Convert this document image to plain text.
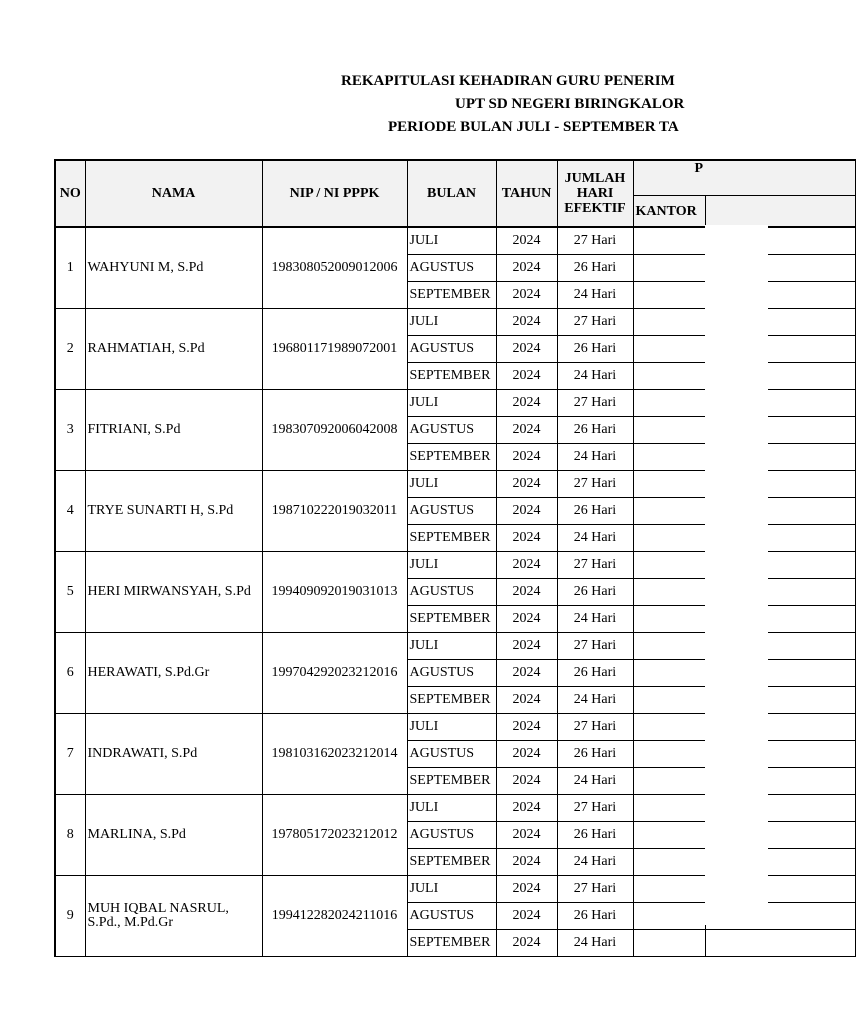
REKAPITULASI KEHADIRAN GURU PENERIM
UPT SD NEGERI BIRINGKALOR
PERIODE BULAN JULI - SEPTEMBER TA
NO	NAMA	NIP / NI PPPK	BULAN	TAHUN	JUMLAH HARI EFEKTIF	P	
						KANTOR	
1	WAHYUNI M, S.Pd	198308052009012006	JULI	2024	27 Hari		
			AGUSTUS	2024	26 Hari		
			SEPTEMBER	2024	24 Hari		
2	RAHMATIAH, S.Pd	196801171989072001	JULI	2024	27 Hari		
			AGUSTUS	2024	26 Hari		
			SEPTEMBER	2024	24 Hari		
3	FITRIANI, S.Pd	198307092006042008	JULI	2024	27 Hari		
			AGUSTUS	2024	26 Hari		
			SEPTEMBER	2024	24 Hari		
4	TRYE SUNARTI H, S.Pd	198710222019032011	JULI	2024	27 Hari		
			AGUSTUS	2024	26 Hari		
			SEPTEMBER	2024	24 Hari		
5	HERI MIRWANSYAH, S.Pd	199409092019031013	JULI	2024	27 Hari		
			AGUSTUS	2024	26 Hari		
			SEPTEMBER	2024	24 Hari		
6	HERAWATI, S.Pd.Gr	199704292023212016	JULI	2024	27 Hari		
			AGUSTUS	2024	26 Hari		
			SEPTEMBER	2024	24 Hari		
7	INDRAWATI, S.Pd	198103162023212014	JULI	2024	27 Hari		
			AGUSTUS	2024	26 Hari		
			SEPTEMBER	2024	24 Hari		
8	MARLINA, S.Pd	197805172023212012	JULI	2024	27 Hari		
			AGUSTUS	2024	26 Hari		
			SEPTEMBER	2024	24 Hari		
9	MUH IQBAL NASRUL, S.Pd., M.Pd.Gr	199412282024211016	JULI	2024	27 Hari		
			AGUSTUS	2024	26 Hari		
			SEPTEMBER	2024	24 Hari		
